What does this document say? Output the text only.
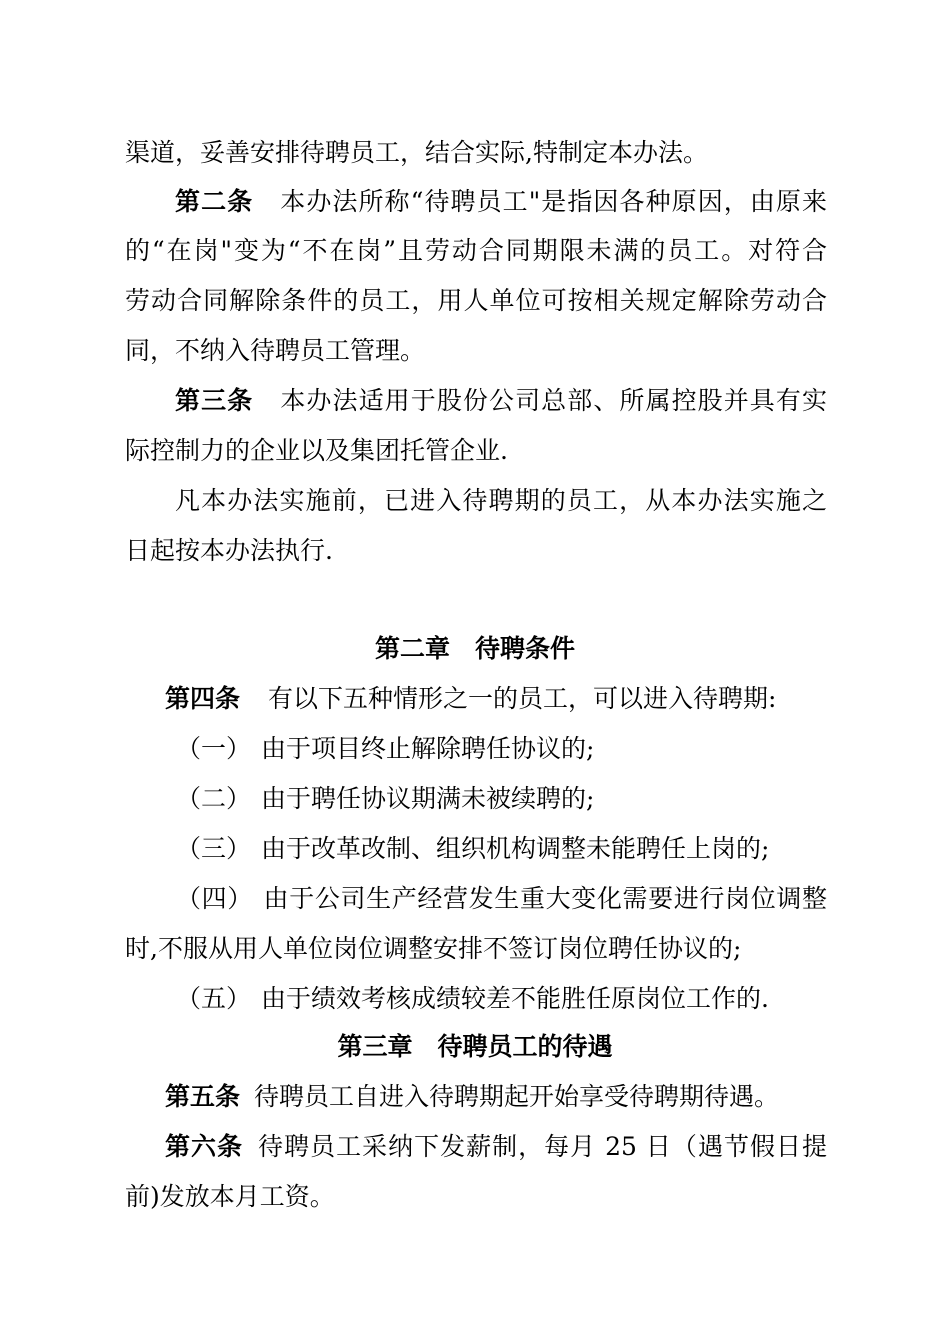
渠道，妥善安排待聘员工，结合实际,特制定本办法。
第二条 本办法所称“待聘员工"是指因各种原因，由原来
的“在岗"变为“不在岗”且劳动合同期限未满的员工。对符合
劳动合同解除条件的员工，用人单位可按相关规定解除劳动合
同，不纳入待聘员工管理。
第三条 本办法适用于股份公司总部、所属控股并具有实
际控制力的企业以及集团托管企业.
凡本办法实施前，已进入待聘期的员工，从本办法实施之
日起按本办法执行.
第二章　待聘条件
第四条 有以下五种情形之一的员工，可以进入待聘期:
（一） 由于项目终止解除聘任协议的;
（二） 由于聘任协议期满未被续聘的;
（三） 由于改革改制、组织机构调整未能聘任上岗的;
（四） 由于公司生产经营发生重大变化需要进行岗位调整
时,不服从用人单位岗位调整安排不签订岗位聘任协议的;
（五） 由于绩效考核成绩较差不能胜任原岗位工作的.
第三章　待聘员工的待遇
第五条 待聘员工自进入待聘期起开始享受待聘期待遇。
第六条 待聘员工采纳下发薪制，每月 25 日（遇节假日提
前)发放本月工资。
